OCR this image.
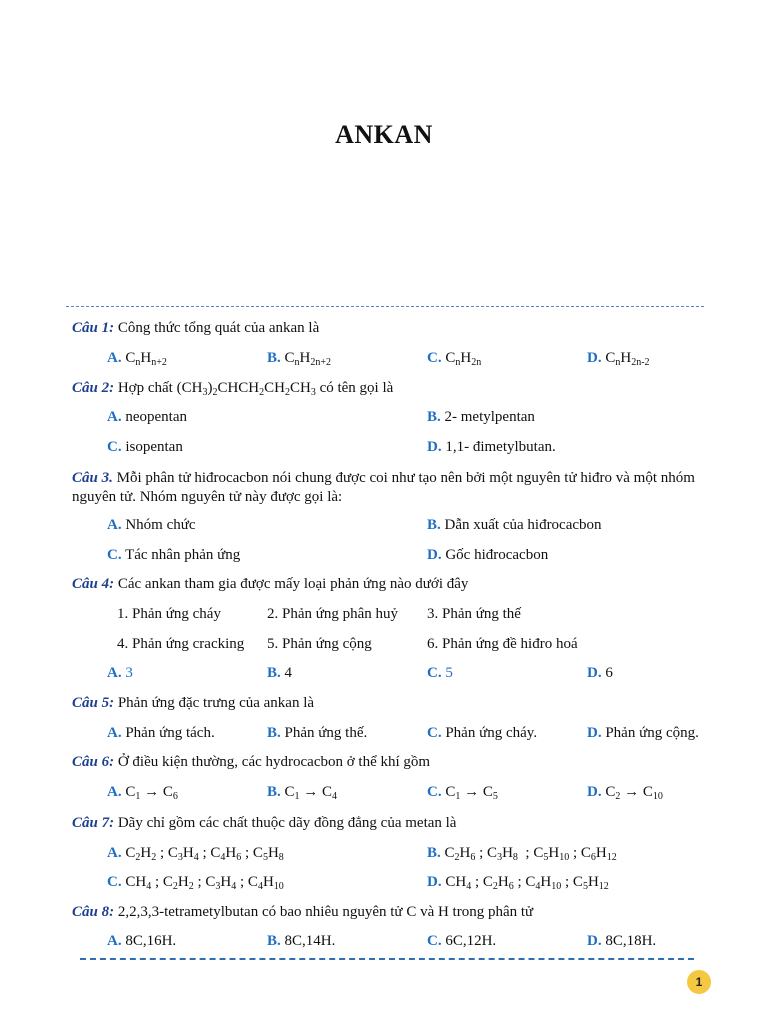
ANKAN
Câu 1: Công thức tổng quát của ankan là
A. $C_nH_{n+2}$	B. $C_nH_{2n+2}$	C. $C_nH_{2n}$	D. $C_nH_{2n-2}$
Câu 2: Hợp chất $(CH_3)_2CHCH_2CH_2CH_3$ có tên gọi là
A. neopentan	B. 2- metylpentan
C. isopentan	D. 1,1- đimetylbutan.
Câu 3. Mỗi phân tử hiđrocacbon nói chung được coi như tạo nên bởi một nguyên tử hiđro và một nhóm nguyên tử. Nhóm nguyên tử này được gọi là:
A. Nhóm chức	B. Dẫn xuất của hiđrocacbon
C. Tác nhân phản ứng	D. Gốc hiđrocacbon
Câu 4: Các ankan tham gia được mấy loại phản ứng nào dưới đây
1. Phản ứng cháy	2. Phản ứng phân huỷ 3. Phản ứng thế
4. Phản ứng cracking 5. Phản ứng cộng	6. Phản ứng đề hiđro hoá
A. 3	B. 4	C. 5	D. 6
Câu 5: Phản ứng đặc trưng của ankan là
A. Phản ứng tách.	B. Phản ứng thế.	C. Phản ứng cháy.	D. Phản ứng cộng.
Câu 6: Ở điều kiện thường, các hydrocacbon ở thể khí gồm
A. $C_1 \to C_6$	B. $C_1 \to C_4$	C. $C_1 \to C_5$	D. $C_2 \to C_{10}$
Câu 7: Dãy chỉ gồm các chất thuộc dãy đồng đẳng của metan là
A. $C_2H_2$ ; $C_3H_4$ ; $C_4H_6$ ; $C_5H_8$	B. $C_2H_6$ ; $C_3H_8$  ; $C_5H_{10}$ ; $C_6H_{12}$
C. $CH_4$ ; $C_2H_2$ ; $C_3H_4$ ; $C_4H_{10}$	D. $CH_4$ ; $C_2H_6$ ; $C_4H_{10}$ ; $C_5H_{12}$
Câu 8: 2,2,3,3-tetrametylbutan có bao nhiêu nguyên tử C và H trong phân tử
A. 8C,16H.	B. 8C,14H.	C. 6C,12H.	D. 8C,18H.
1
